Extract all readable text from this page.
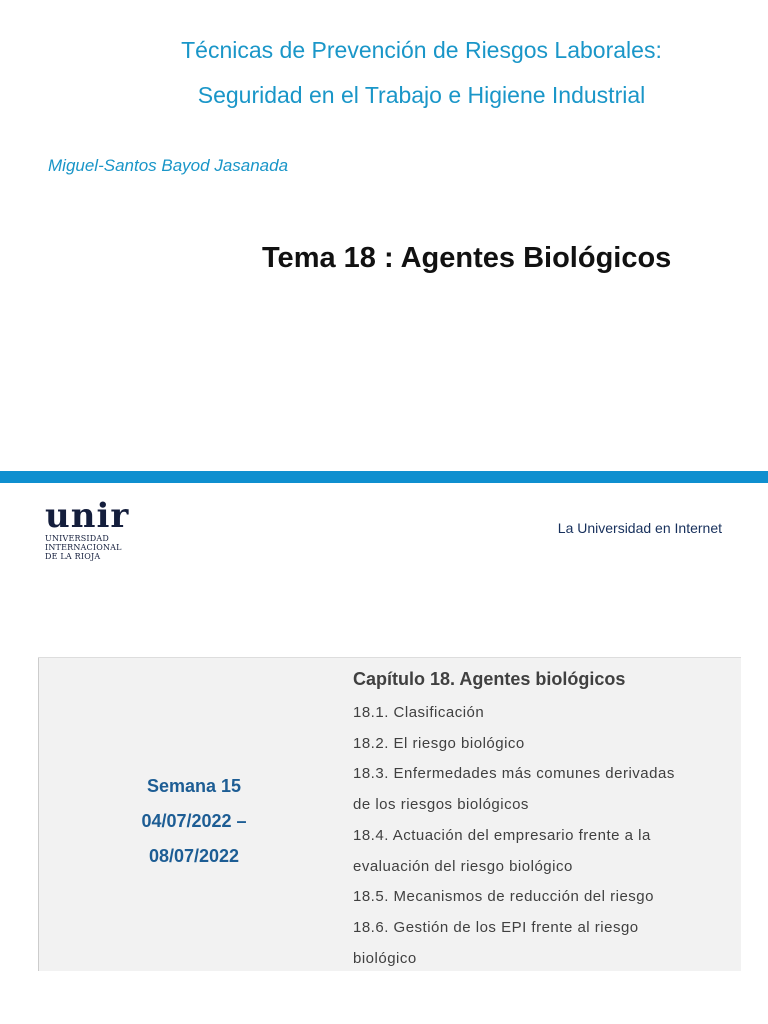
Técnicas de Prevención de Riesgos Laborales:
Seguridad en el Trabajo e Higiene Industrial
Miguel-Santos Bayod Jasanada
Tema 18 : Agentes Biológicos
unir
UNIVERSIDAD
INTERNACIONAL
DE LA RIOJA
La Universidad en Internet
Semana 15
04/07/2022 –
08/07/2022
Capítulo 18. Agentes biológicos
18.1. Clasificación
18.2. El riesgo biológico
18.3. Enfermedades más comunes derivadas
de los riesgos biológicos
18.4. Actuación del empresario frente a la
evaluación del riesgo biológico
18.5. Mecanismos de reducción del riesgo
18.6. Gestión de los EPI frente al riesgo
biológico
